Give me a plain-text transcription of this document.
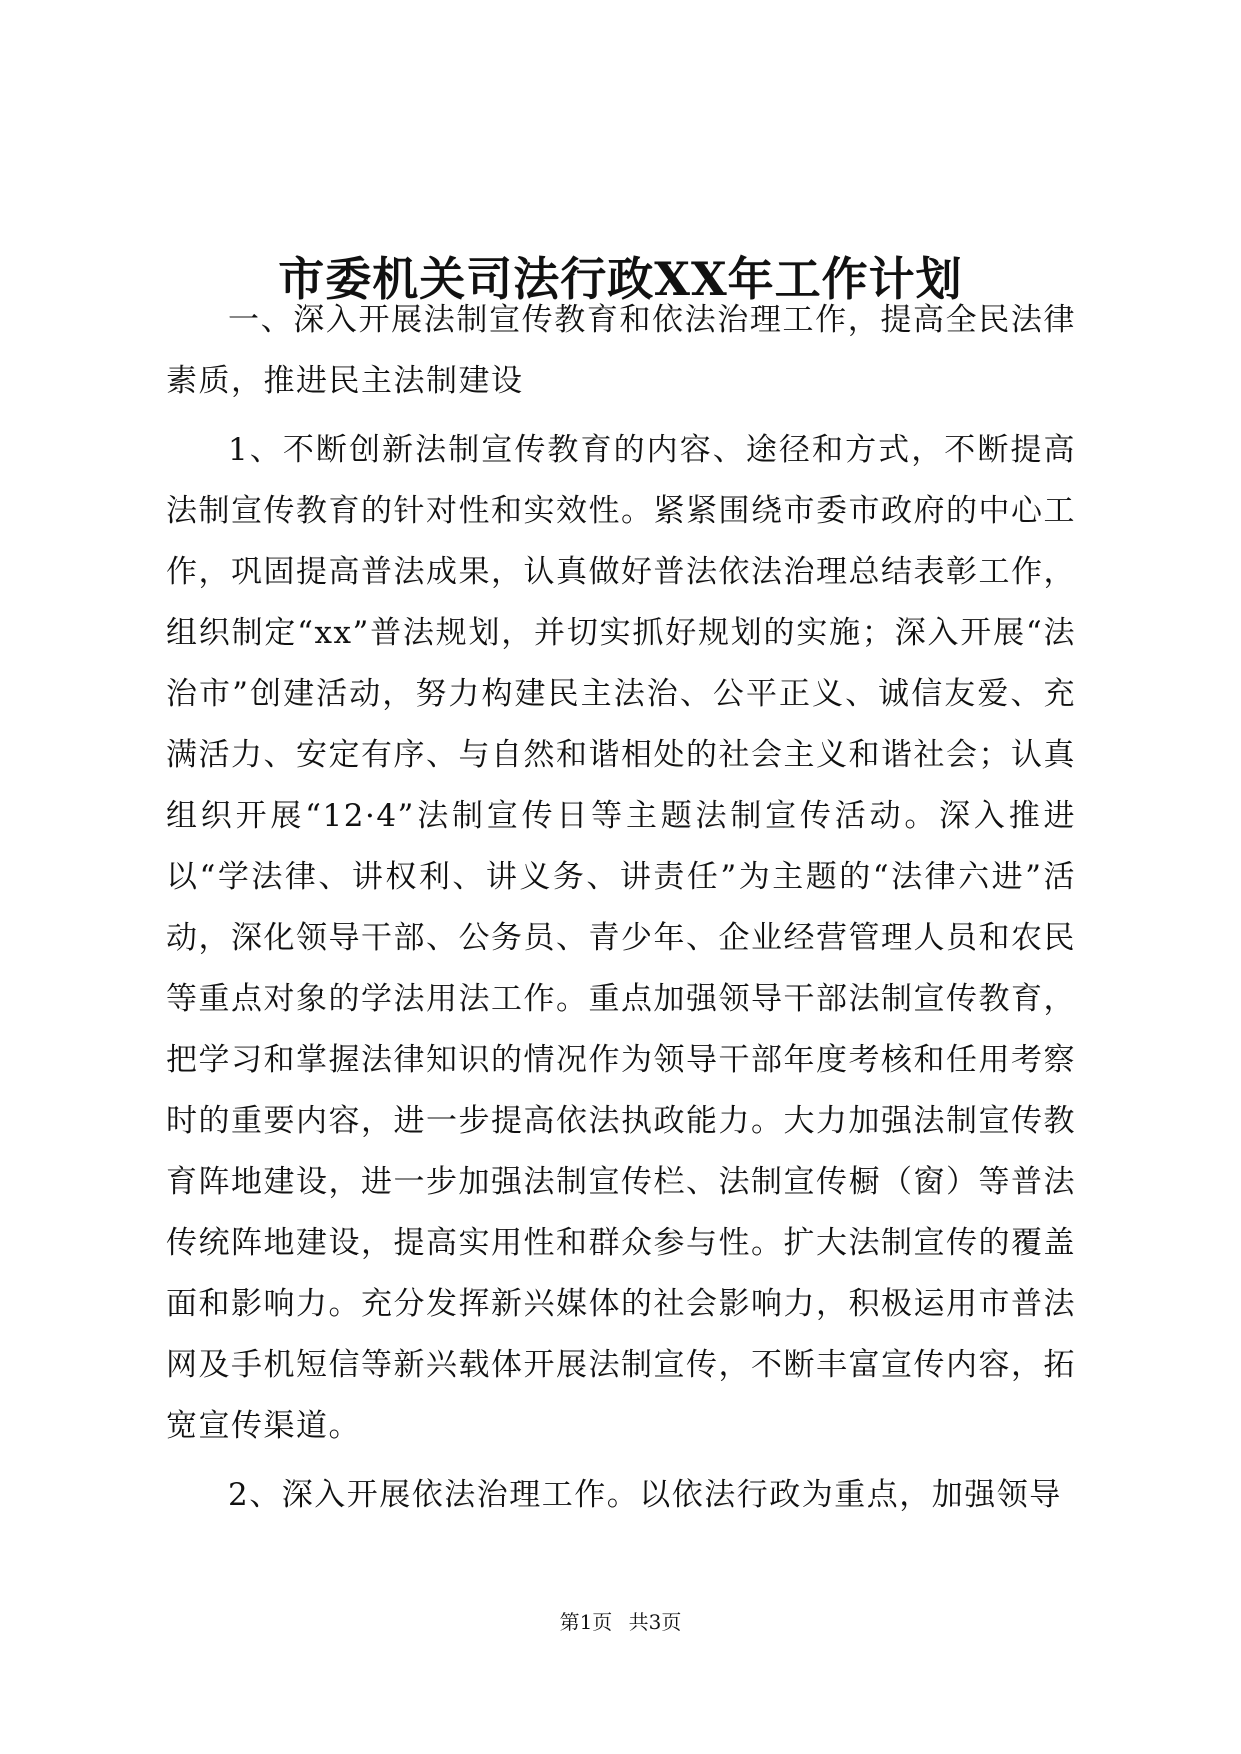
市委机关司法行政XX年工作计划

一、深入开展法制宣传教育和依法治理工作，提高全民法律素质，推进民主法制建设

1、不断创新法制宣传教育的内容、途径和方式，不断提高法制宣传教育的针对性和实效性。紧紧围绕市委市政府的中心工作，巩固提高普法成果，认真做好普法依法治理总结表彰工作，组织制定“xx”普法规划，并切实抓好规划的实施；深入开展“法治市”创建活动，努力构建民主法治、公平正义、诚信友爱、充满活力、安定有序、与自然和谐相处的社会主义和谐社会；认真组织开展“12·4”法制宣传日等主题法制宣传活动。深入推进以“学法律、讲权利、讲义务、讲责任”为主题的“法律六进”活动，深化领导干部、公务员、青少年、企业经营管理人员和农民等重点对象的学法用法工作。重点加强领导干部法制宣传教育，把学习和掌握法律知识的情况作为领导干部年度考核和任用考察时的重要内容，进一步提高依法执政能力。大力加强法制宣传教育阵地建设，进一步加强法制宣传栏、法制宣传橱（窗）等普法传统阵地建设，提高实用性和群众参与性。扩大法制宣传的覆盖面和影响力。充分发挥新兴媒体的社会影响力，积极运用市普法网及手机短信等新兴载体开展法制宣传，不断丰富宣传内容，拓宽宣传渠道。

2、深入开展依法治理工作。以依法行政为重点，加强领导

第1页 共3页
